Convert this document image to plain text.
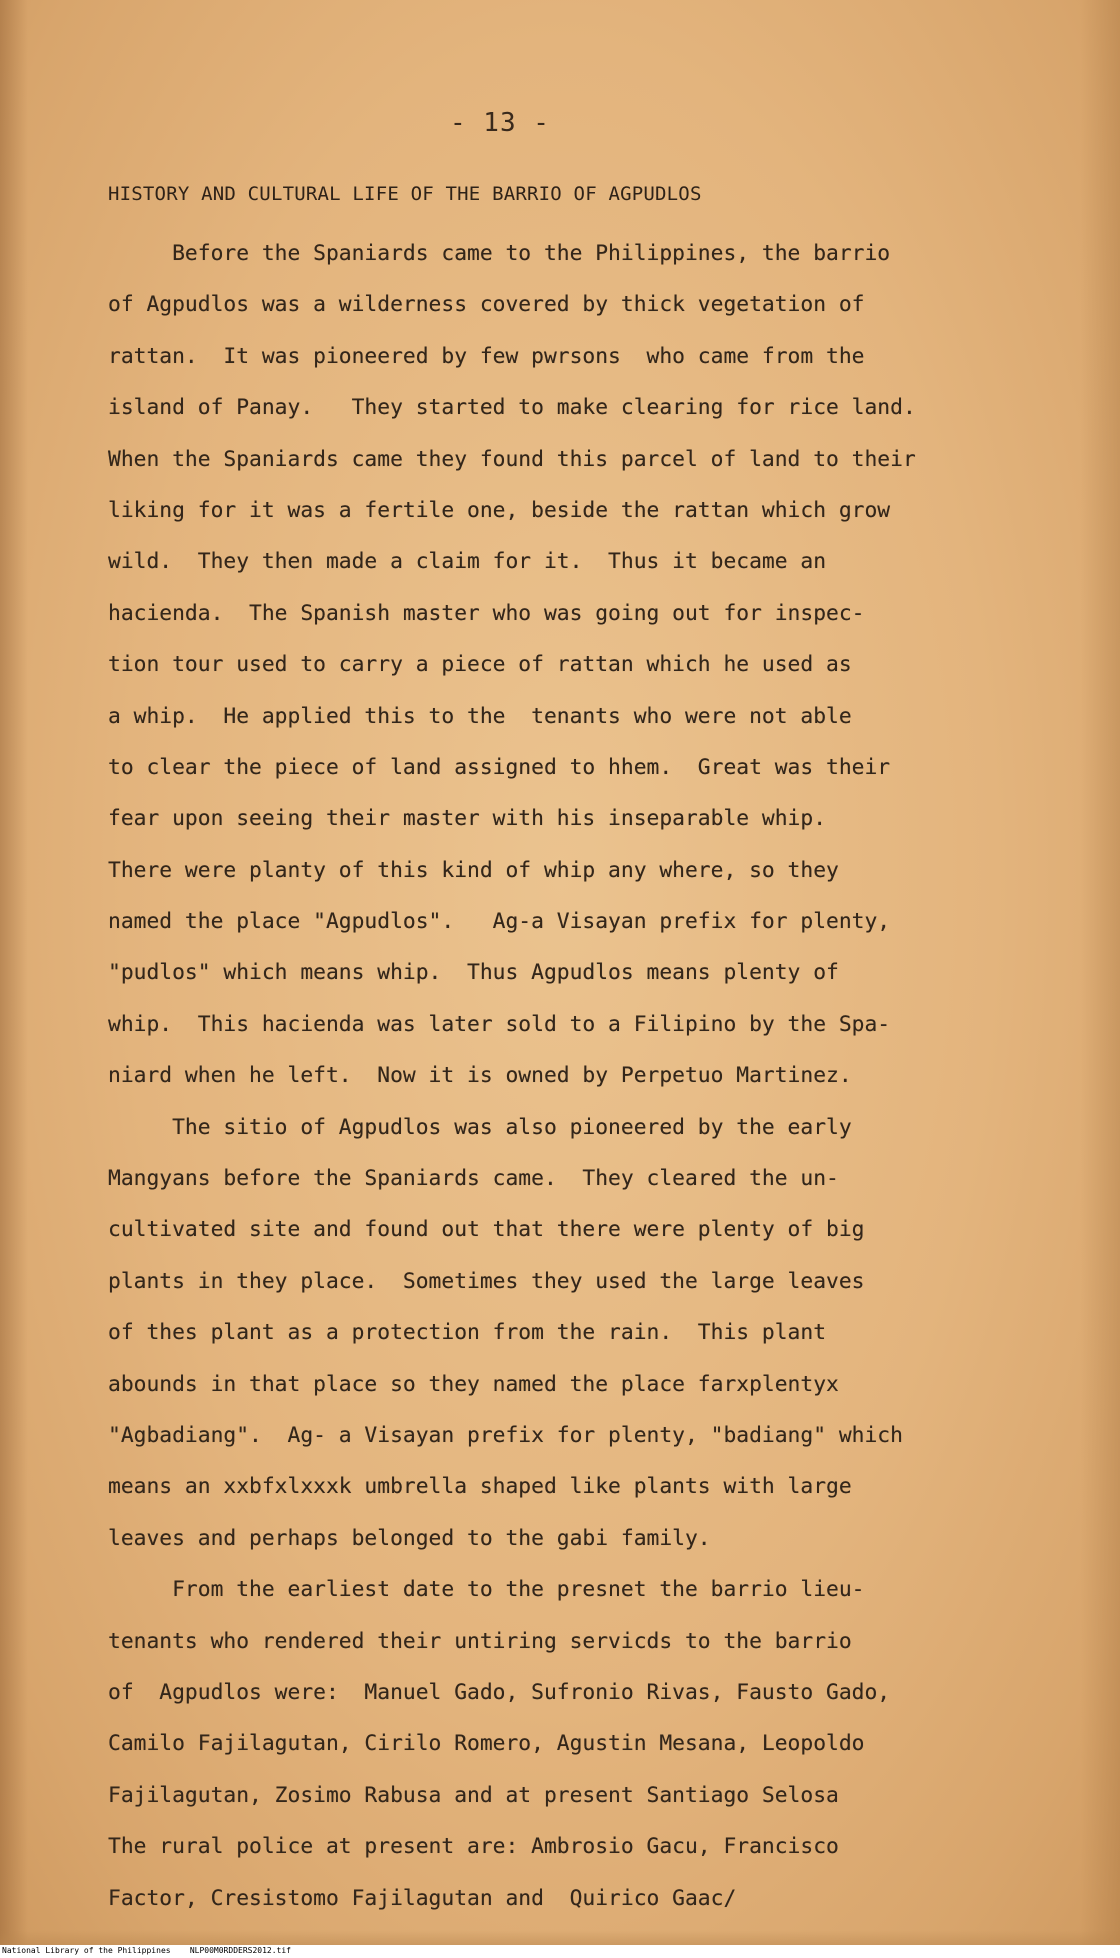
- 13 -
HISTORY AND CULTURAL LIFE OF THE BARRIO OF AGPUDLOS
Before the Spaniards came to the Philippines, the barrio
of Agpudlos was a wilderness covered by thick vegetation of
rattan.  It was pioneered by few pwrsons  who came from the
island of Panay.   They started to make clearing for rice land.
When the Spaniards came they found this parcel of land to their
liking for it was a fertile one, beside the rattan which grow
wild.  They then made a claim for it.  Thus it became an
hacienda.  The Spanish master who was going out for inspec-
tion tour used to carry a piece of rattan which he used as
a whip.  He applied this to the  tenants who were not able
to clear the piece of land assigned to hhem.  Great was their
fear upon seeing their master with his inseparable whip.
There were planty of this kind of whip any where, so they
named the place "Agpudlos".   Ag-a Visayan prefix for plenty,
"pudlos" which means whip.  Thus Agpudlos means plenty of
whip.  This hacienda was later sold to a Filipino by the Spa-
niard when he left.  Now it is owned by Perpetuo Martinez.
The sitio of Agpudlos was also pioneered by the early
Mangyans before the Spaniards came.  They cleared the un-
cultivated site and found out that there were plenty of big
plants in they place.  Sometimes they used the large leaves
of thes plant as a protection from the rain.  This plant
abounds in that place so they named the place farxplentyx
"Agbadiang".  Ag- a Visayan prefix for plenty, "badiang" which
means an xxbfxlxxxk umbrella shaped like plants with large
leaves and perhaps belonged to the gabi family.
From the earliest date to the presnet the barrio lieu-
tenants who rendered their untiring servicds to the barrio
of  Agpudlos were:  Manuel Gado, Sufronio Rivas, Fausto Gado,
Camilo Fajilagutan, Cirilo Romero, Agustin Mesana, Leopoldo
Fajilagutan, Zosimo Rabusa and at present Santiago Selosa
The rural police at present are: Ambrosio Gacu, Francisco
Factor, Cresistomo Fajilagutan and  Quirico Gaac/
National Library of the Philippines    NLP00M0RDDERS2012.tif
